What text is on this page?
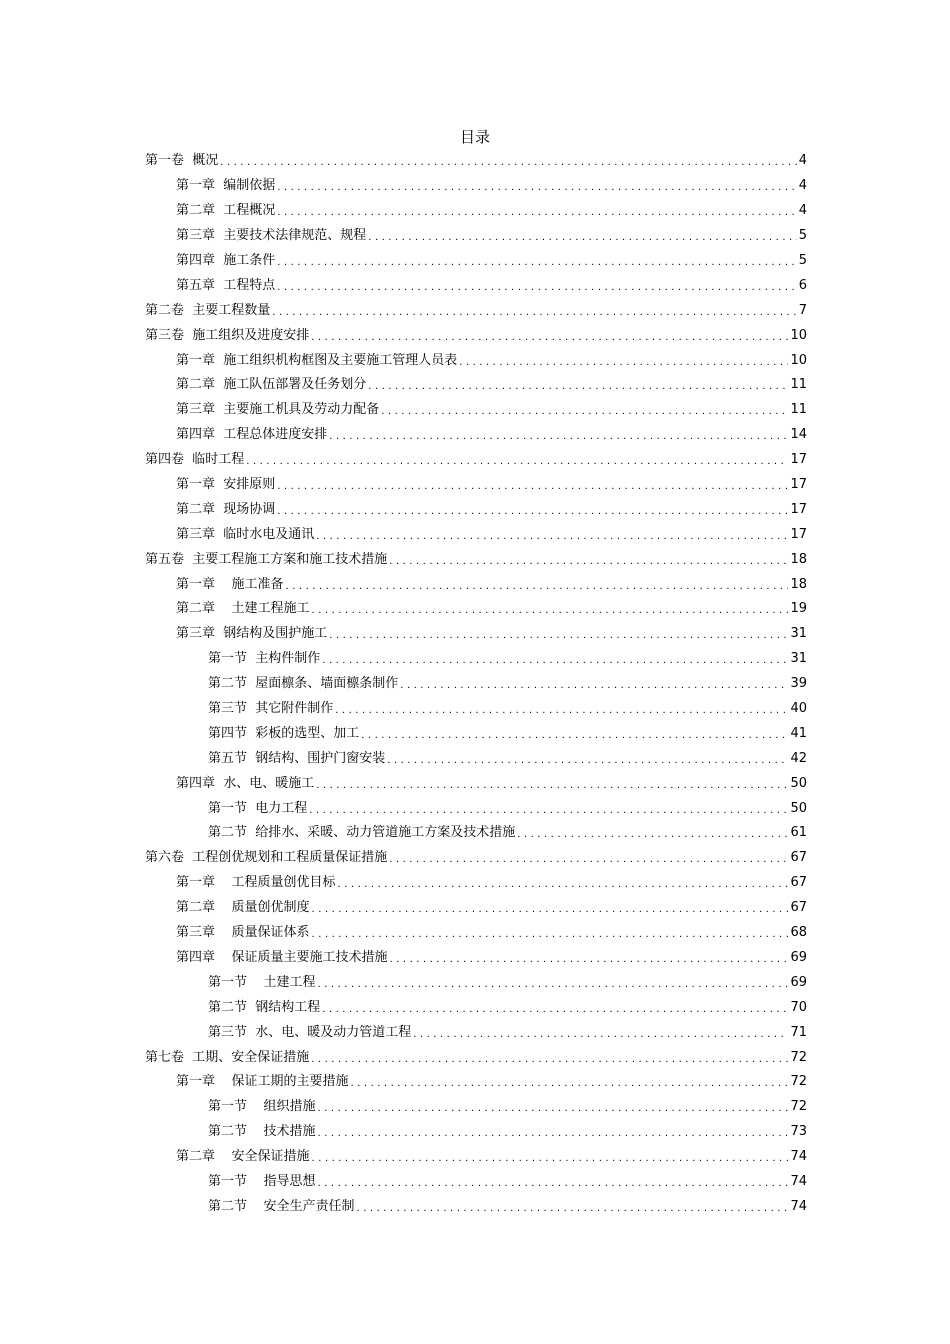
目录
第一卷  概况 .....	4
第一章  编制依据 .....	4
第二章  工程概况 .....	4
第三章  主要技术法律规范、规程 .....	5
第四章  施工条件 .....	5
第五章  工程特点 .....	6
第二卷  主要工程数量 .....	7
第三卷  施工组织及进度安排 .....	10
第一章  施工组织机构框图及主要施工管理人员表 .....	10
第二章  施工队伍部署及任务划分 .....	11
第三章  主要施工机具及劳动力配备 .....	11
第四章  工程总体进度安排 .....	14
第四卷  临时工程 .....	17
第一章  安排原则 .....	17
第二章  现场协调 .....	17
第三章  临时水电及通讯 .....	17
第五卷  主要工程施工方案和施工技术措施 .....	18
第一章    施工准备 .....	18
第二章    土建工程施工 .....	19
第三章  钢结构及围护施工 .....	31
第一节  主构件制作 .....	31
第二节  屋面檩条、墙面檩条制作 .....	39
第三节  其它附件制作 .....	40
第四节  彩板的选型、加工 .....	41
第五节  钢结构、围护门窗安装 .....	42
第四章  水、电、暖施工 .....	50
第一节  电力工程 .....	50
第二节  给排水、采暖、动力管道施工方案及技术措施 .....	61
第六卷  工程创优规划和工程质量保证措施 .....	67
第一章    工程质量创优目标 .....	67
第二章    质量创优制度 .....	67
第三章    质量保证体系 .....	68
第四章    保证质量主要施工技术措施 .....	69
第一节    土建工程 .....	69
第二节  钢结构工程 .....	70
第三节  水、电、暖及动力管道工程 .....	71
第七卷  工期、安全保证措施 .....	72
第一章    保证工期的主要措施 .....	72
第一节    组织措施 .....	72
第二节    技术措施 .....	73
第二章    安全保证措施 .....	74
第一节    指导思想 .....	74
第二节    安全生产责任制 .....	74
